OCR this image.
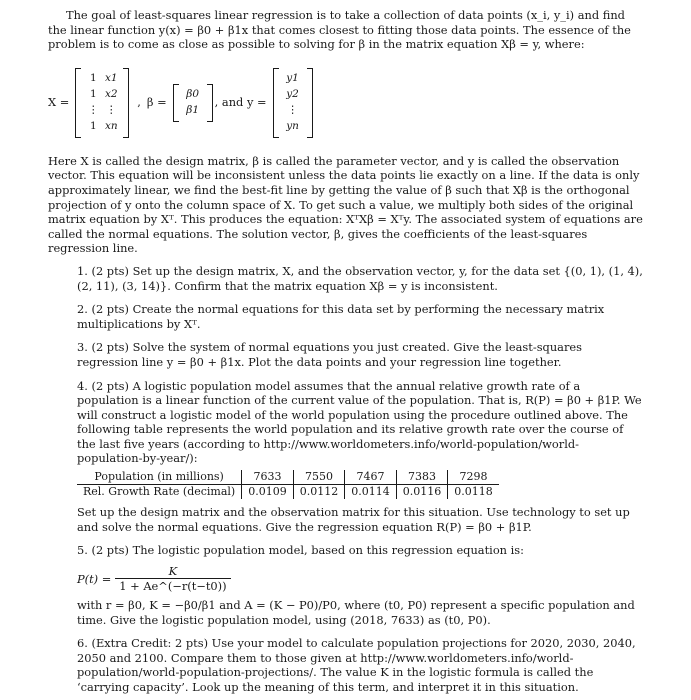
The goal of least-squares linear regression is to take a collection of data points (x_i, y_i) and find the linear function y(x) = β0 + β1x that comes closest to fitting those data points. The essence of the problem is to come as close as possible to solving for β in the matrix equation Xβ = y, where:

X =
1 x1
1 x2
⋮ ⋮
1 xn
, β =
β0
β1
, and y =
y1
y2
⋮
yn

Here X is called the design matrix, β is called the parameter vector, and y is called the observation vector. This equation will be inconsistent unless the data points lie exactly on a line. If the data is only approximately linear, we find the best-fit line by getting the value of β such that Xβ is the orthogonal projection of y onto the column space of X. To get such a value, we multiply both sides of the original matrix equation by Xᵀ. This produces the equation: XᵀXβ = Xᵀy. The associated system of equations are called the normal equations. The solution vector, β, gives the coefficients of the least-squares regression line.

1. (2 pts) Set up the design matrix, X, and the observation vector, y, for the data set {(0, 1), (1, 4), (2, 11), (3, 14)}. Confirm that the matrix equation Xβ = y is inconsistent.
2. (2 pts) Create the normal equations for this data set by performing the necessary matrix multiplications by Xᵀ.
3. (2 pts) Solve the system of normal equations you just created. Give the least-squares regression line y = β0 + β1x. Plot the data points and your regression line together.
4. (2 pts) A logistic population model assumes that the annual relative growth rate of a population is a linear function of the current value of the population. That is, R(P) = β0 + β1P. We will construct a logistic model of the world population using the procedure outlined above. The following table represents the world population and its relative growth rate over the course of the last five years (according to http://www.worldometers.info/world-population/world-population-by-year/):
Population (in millions)	7633	7550	7467	7383	7298
Rel. Growth Rate (decimal)	0.0109	0.0112	0.0114	0.0116	0.0118

Set up the design matrix and the observation matrix for this situation. Use technology to set up and solve the normal equations. Give the regression equation R(P) = β0 + β1P.

5. (2 pts) The logistic population model, based on this regression equation is:
$P(t) = \frac{K}{1 + Ae\^{}(-r(t-t0))}$

with r = β0, K = −β0/β1 and A = (K − P0)/P0, where (t0, P0) represent a specific population and time. Give the logistic population model, using (2018, 7633) as (t0, P0).

6. (Extra Credit: 2 pts) Use your model to calculate population projections for 2020, 2030, 2040, 2050 and 2100. Compare them to those given at http://www.worldometers.info/world-population/world-population-projections/. The value K in the logistic formula is called the ‘carrying capacity’. Look up the meaning of this term, and interpret it in this situation.
